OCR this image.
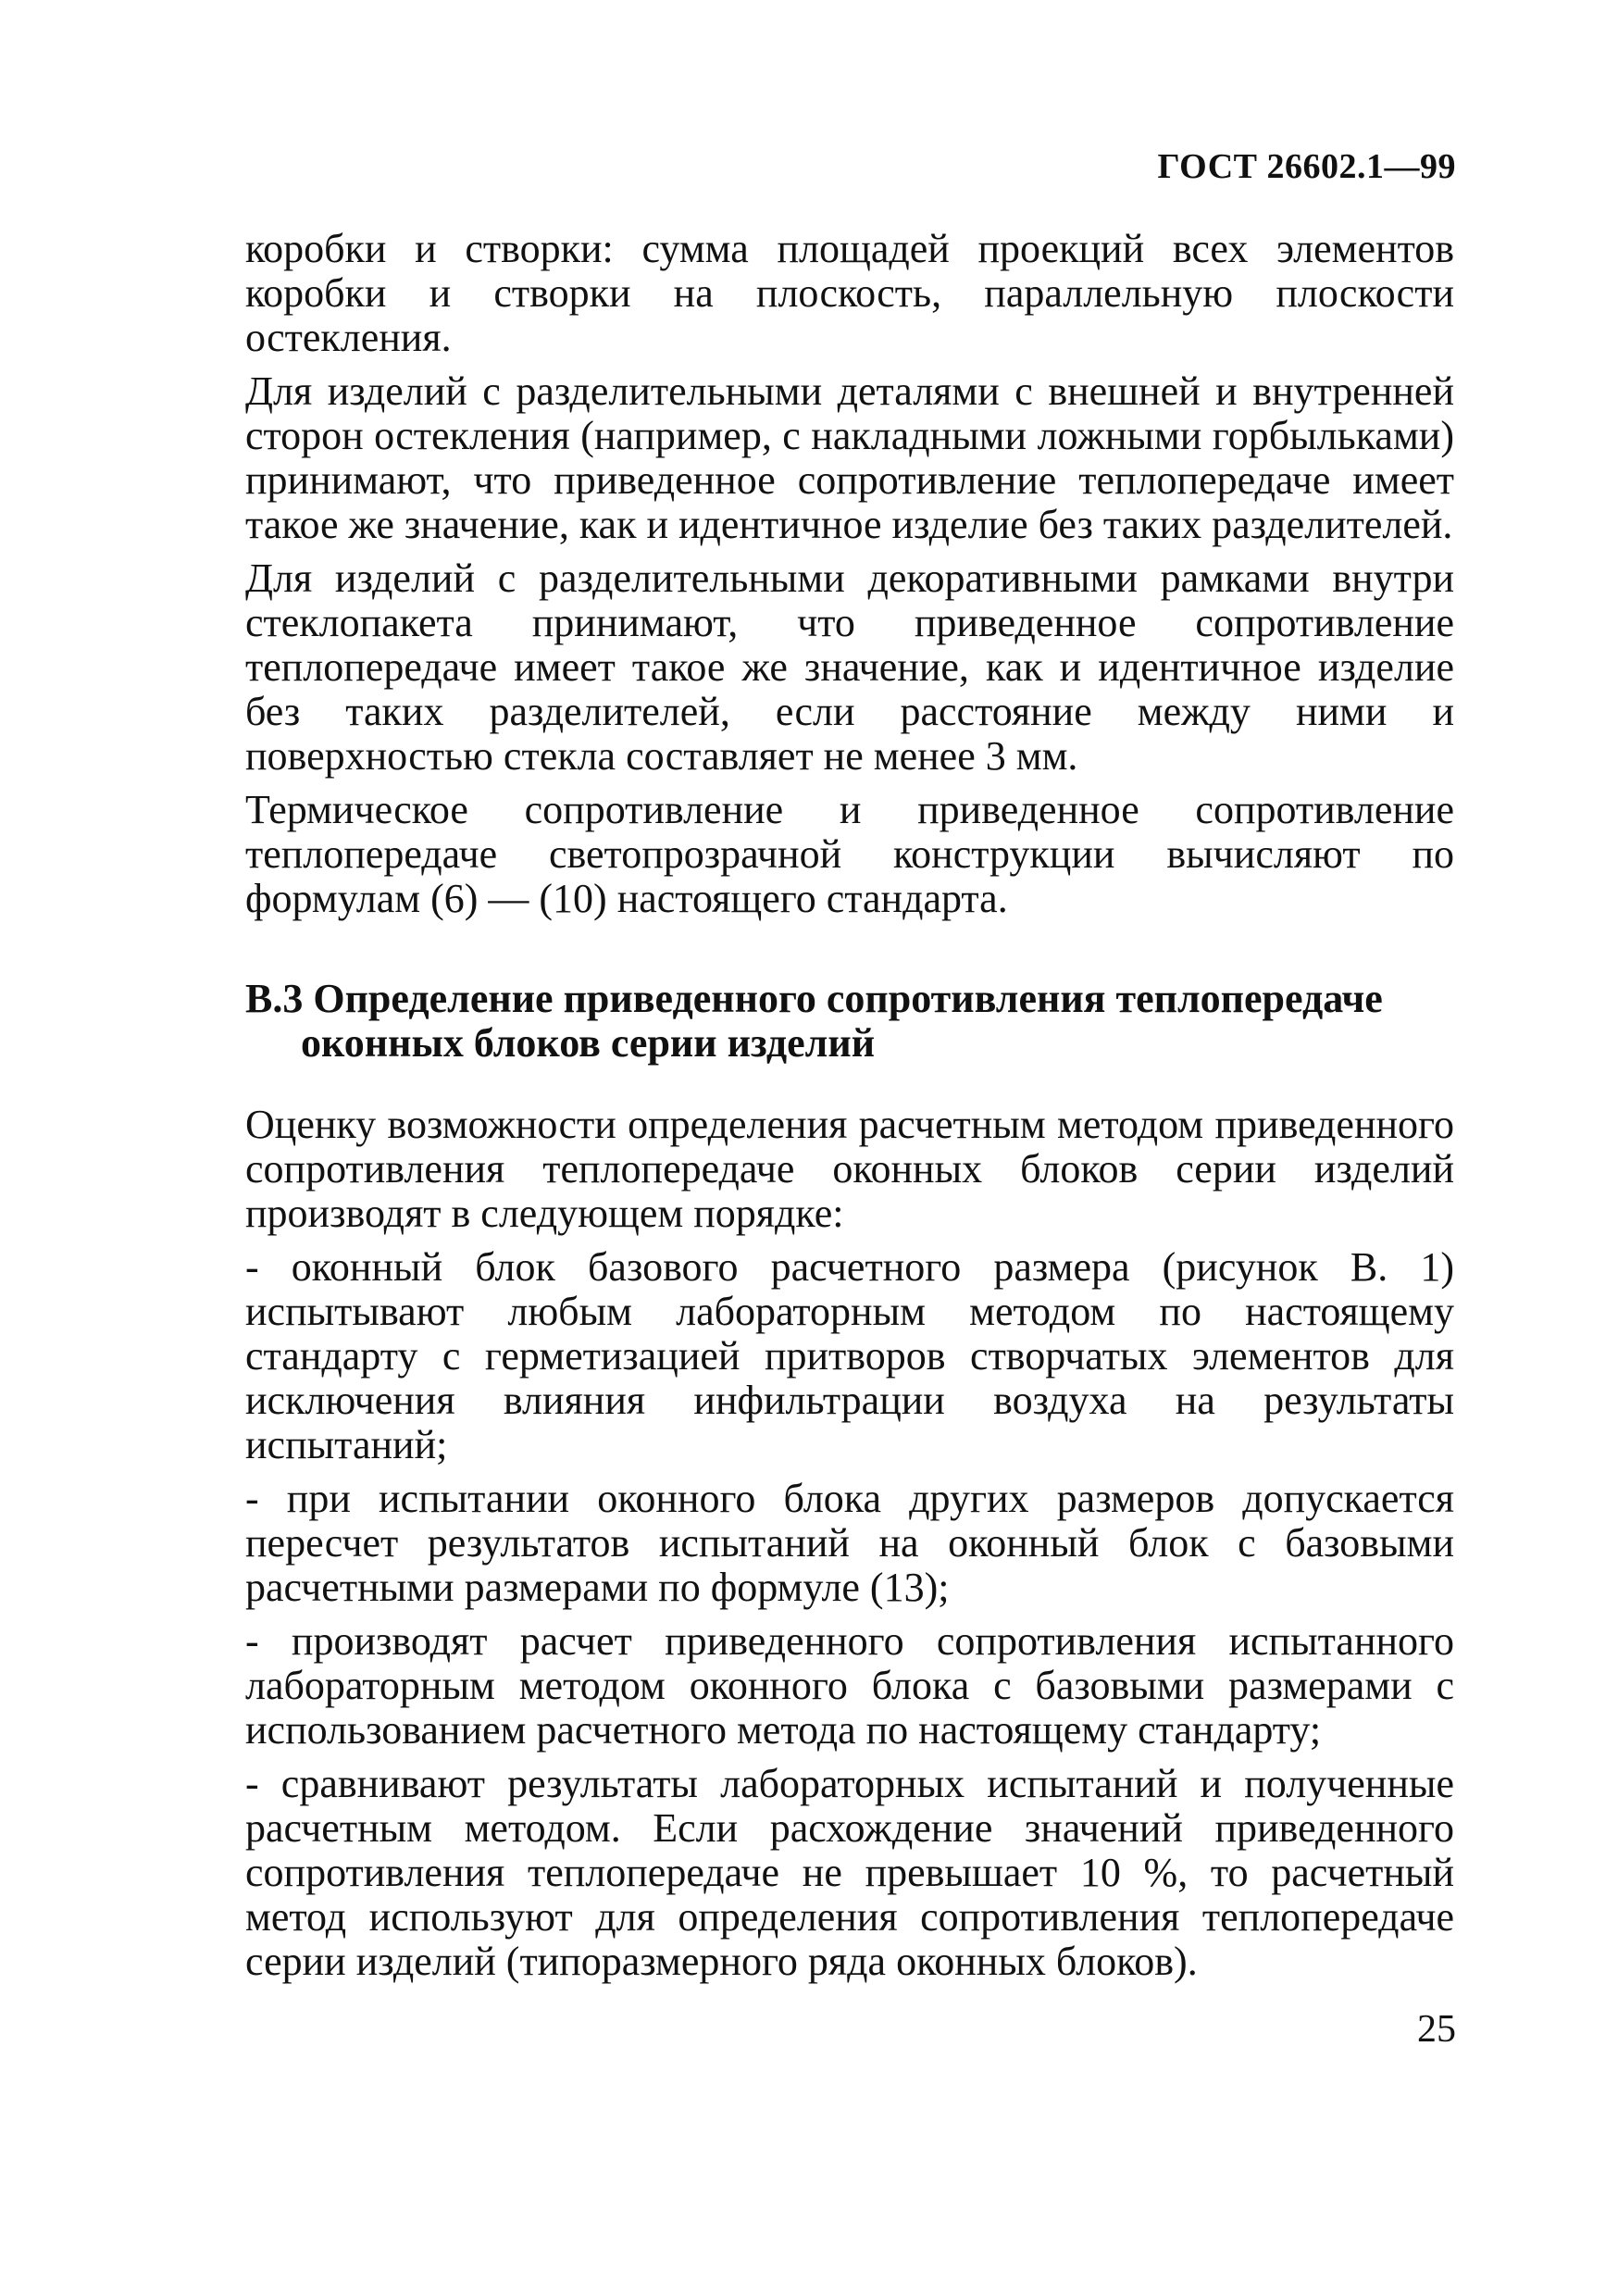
ГОСТ 26602.1—99

коробки и створки: сумма площадей проекций всех элементов коробки и створки на плоскость, параллельную плоскости остекления.

Для изделий с разделительными деталями с внешней и внутренней сторон остекления (например, с накладными ложными горбыльками) принимают, что приведенное сопротивление теплопередаче имеет такое же значение, как и идентичное изделие без таких разделителей.

Для изделий с разделительными декоративными рамками внутри стеклопакета принимают, что приведенное сопротивление теплопередаче имеет такое же значение, как и идентичное изделие без таких разделителей, если расстояние между ними и поверхностью стекла составляет не менее 3 мм.

Термическое сопротивление и приведенное сопротивление теплопередаче светопрозрачной конструкции вычисляют по формулам (6) — (10) настоящего стандарта.

В.3 Определение приведенного сопротивления теплопередаче оконных блоков серии изделий

Оценку возможности определения расчетным методом приведенного сопротивления теплопередаче оконных блоков серии изделий производят в следующем порядке:

- оконный блок базового расчетного размера (рисунок В. 1) испытывают любым лабораторным методом по настоящему стандарту с герметизацией притворов створчатых элементов для исключения влияния инфильтрации воздуха на результаты испытаний;

- при испытании оконного блока других размеров допускается пересчет результатов испытаний на оконный блок с базовыми расчетными размерами по формуле (13);

- производят расчет приведенного сопротивления испытанного лабораторным методом оконного блока с базовыми размерами с использованием расчетного метода по настоящему стандарту;

- сравнивают результаты лабораторных испытаний и полученные расчетным методом. Если расхождение значений приведенного сопротивления теплопередаче не превышает 10 %, то расчетный метод используют для определения сопротивления теплопередаче серии изделий (типоразмерного ряда оконных блоков).

25
